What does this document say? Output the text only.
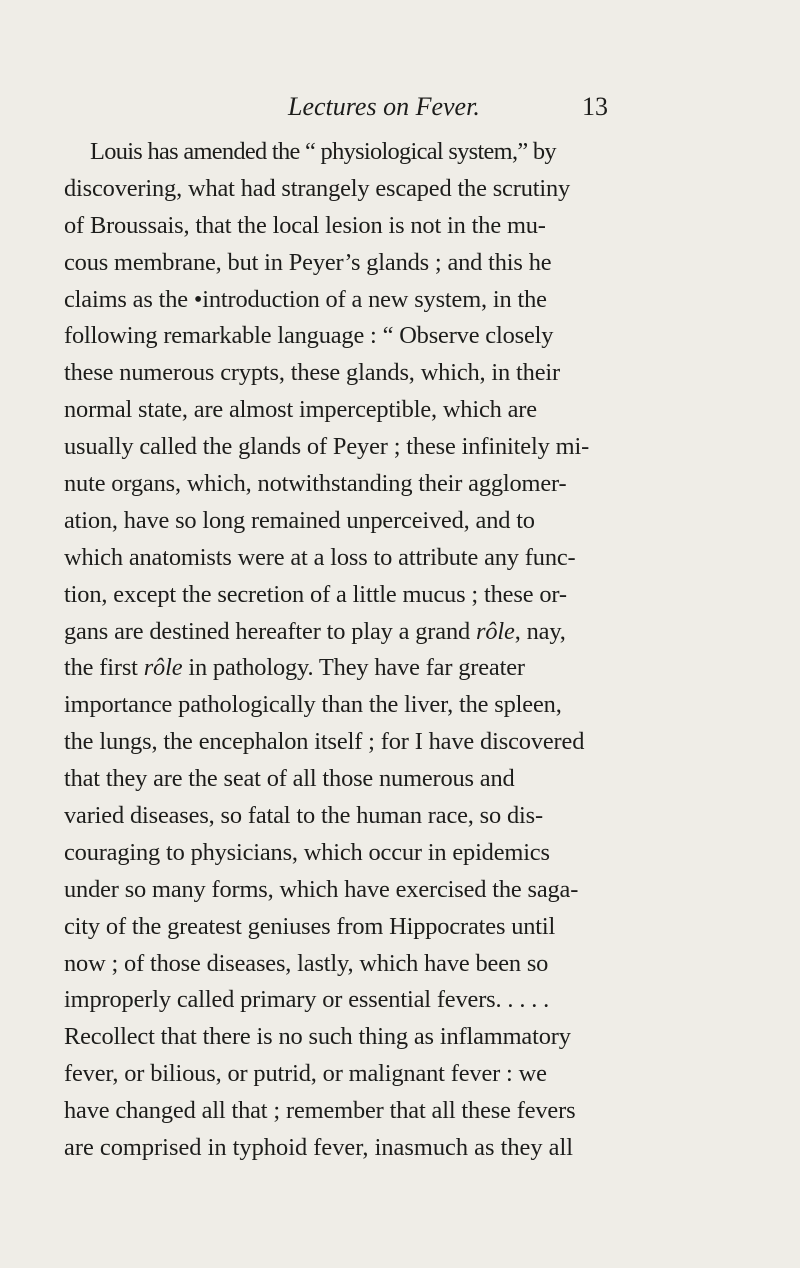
Lectures on Fever.	13
Louis has amended the “ physiological system,” by
discovering, what had strangely escaped the scrutiny
of Broussais, that the local lesion is not in the mu-
cous membrane, but in Peyer’s glands ; and this he
claims as the •introduction of a new system, in the
following remarkable language : “ Observe closely
these numerous crypts, these glands, which, in their
normal state, are almost imperceptible, which are
usually called the glands of Peyer ; these infinitely mi-
nute organs, which, notwithstanding their agglomer-
ation, have so long remained unperceived, and to
which anatomists were at a loss to attribute any func-
tion, except the secretion of a little mucus ; these or-
gans are destined hereafter to play a grand rôle, nay,
the first rôle in pathology. They have far greater
importance pathologically than the liver, the spleen,
the lungs, the encephalon itself ; for I have discovered
that they are the seat of all those numerous and
varied diseases, so fatal to the human race, so dis-
couraging to physicians, which occur in epidemics
under so many forms, which have exercised the saga-
city of the greatest geniuses from Hippocrates until
now ; of those diseases, lastly, which have been so
improperly called primary or essential fevers. . . . .
Recollect that there is no such thing as inflammatory
fever, or bilious, or putrid, or malignant fever : we
have changed all that ; remember that all these fevers
are comprised in typhoid fever, inasmuch as they all
